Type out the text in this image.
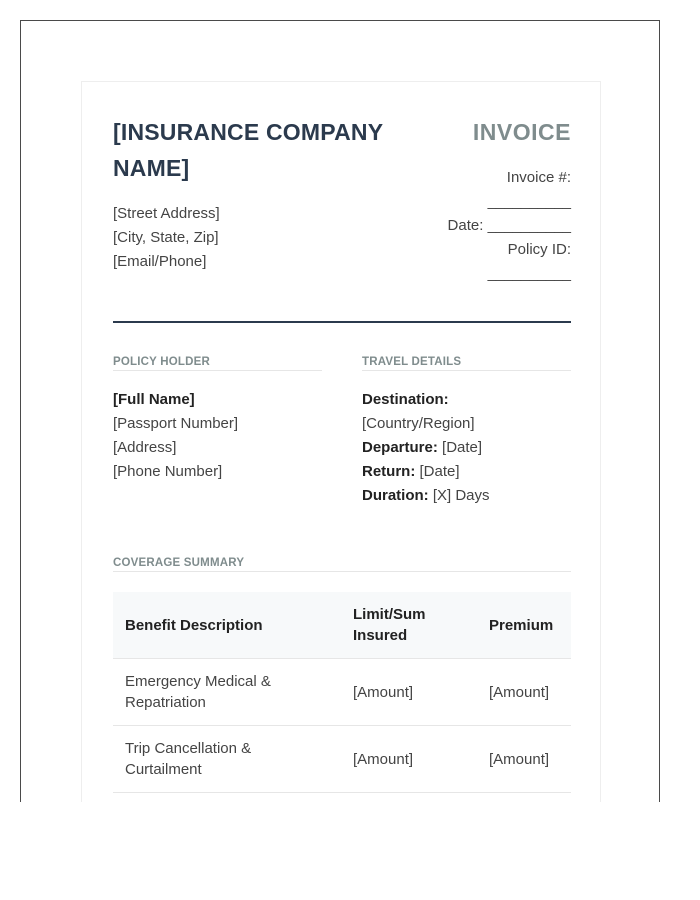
[INSURANCE COMPANY NAME]
[Street Address]
[City, State, Zip]
[Email/Phone]
INVOICE
Invoice #:
__________
Date: __________
Policy ID:
__________
POLICY HOLDER
[Full Name]
[Passport Number]
[Address]
[Phone Number]
TRAVEL DETAILS
Destination:
[Country/Region]
Departure: [Date]
Return: [Date]
Duration: [X] Days
COVERAGE SUMMARY
Benefit Description	Limit/Sum Insured	Premium
Emergency Medical & Repatriation	[Amount]	[Amount]
Trip Cancellation & Curtailment	[Amount]	[Amount]
